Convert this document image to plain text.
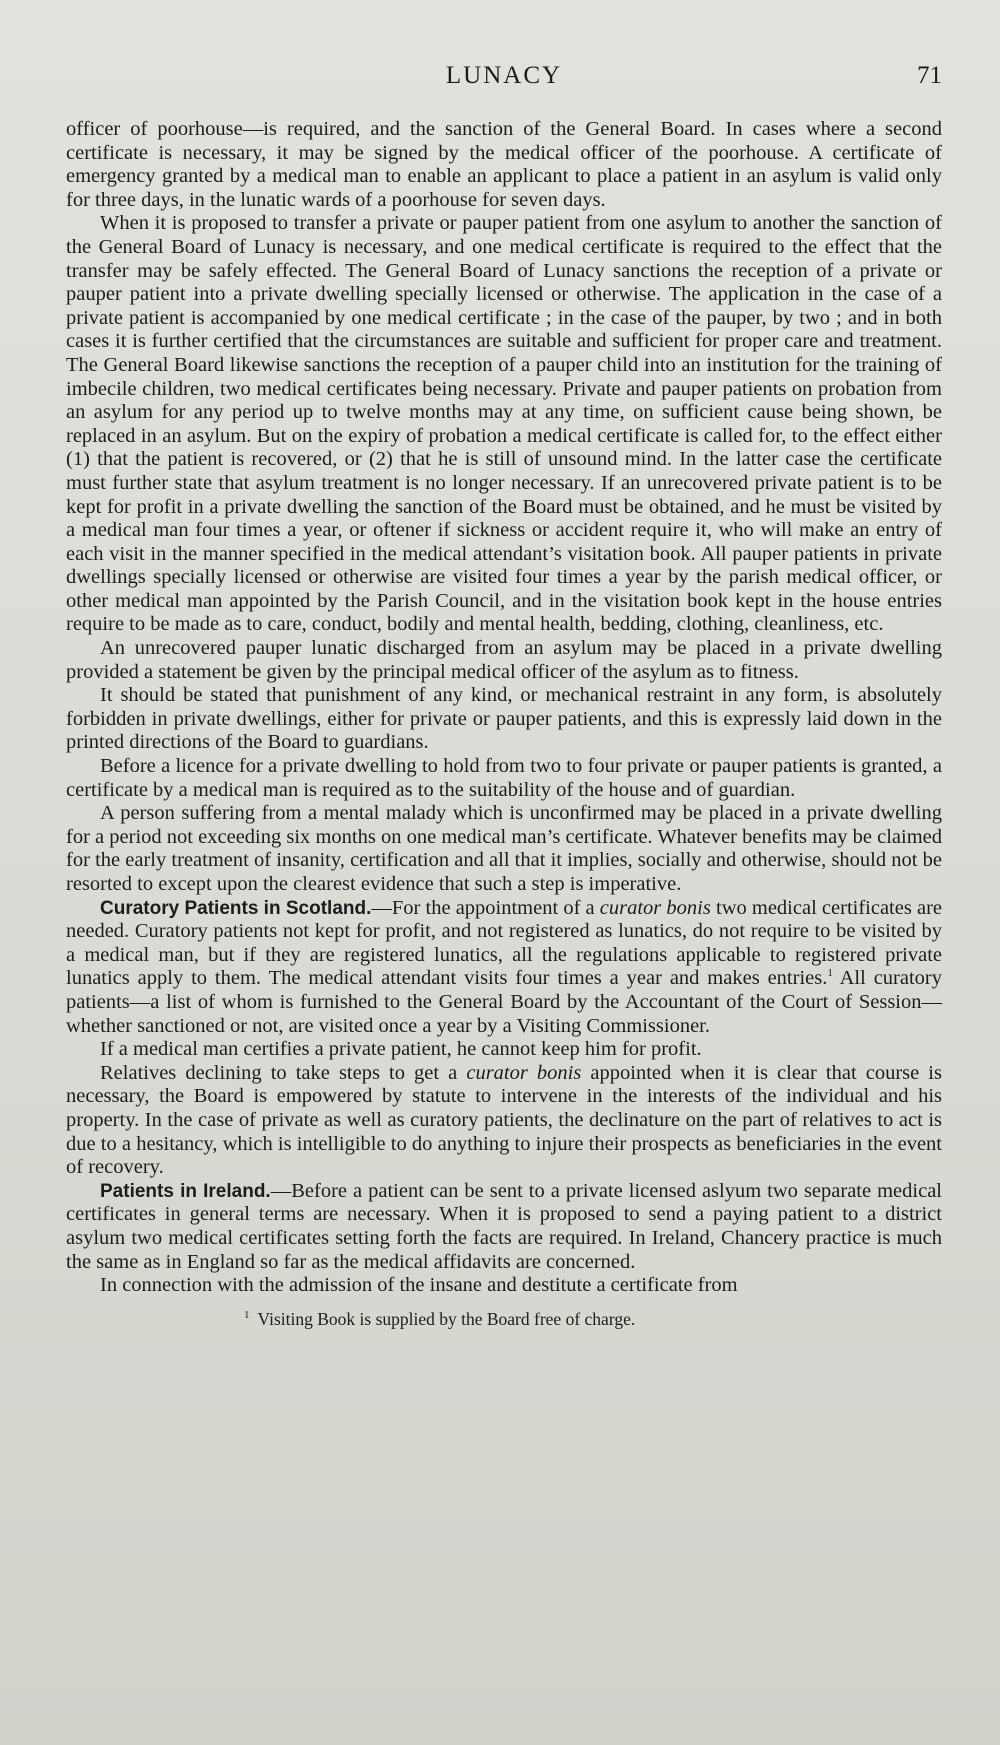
LUNACY	71

officer of poorhouse—is required, and the sanction of the General Board. In cases where a second certificate is necessary, it may be signed by the medical officer of the poorhouse. A certificate of emergency granted by a medical man to enable an applicant to place a patient in an asylum is valid only for three days, in the lunatic wards of a poorhouse for seven days.

When it is proposed to transfer a private or pauper patient from one asylum to another the sanction of the General Board of Lunacy is necessary, and one medical certificate is required to the effect that the transfer may be safely effected. The General Board of Lunacy sanctions the reception of a private or pauper patient into a private dwelling specially licensed or otherwise. The application in the case of a private patient is accompanied by one medical certificate ; in the case of the pauper, by two ; and in both cases it is further certified that the circumstances are suitable and sufficient for proper care and treatment. The General Board likewise sanctions the reception of a pauper child into an institution for the training of imbecile children, two medical certificates being necessary. Private and pauper patients on probation from an asylum for any period up to twelve months may at any time, on sufficient cause being shown, be replaced in an asylum. But on the expiry of probation a medical certificate is called for, to the effect either (1) that the patient is recovered, or (2) that he is still of unsound mind. In the latter case the certificate must further state that asylum treatment is no longer necessary. If an unrecovered private patient is to be kept for profit in a private dwelling the sanction of the Board must be obtained, and he must be visited by a medical man four times a year, or oftener if sickness or accident require it, who will make an entry of each visit in the manner specified in the medical attendant’s visitation book. All pauper patients in private dwellings specially licensed or otherwise are visited four times a year by the parish medical officer, or other medical man appointed by the Parish Council, and in the visitation book kept in the house entries require to be made as to care, conduct, bodily and mental health, bedding, clothing, cleanliness, etc.

An unrecovered pauper lunatic discharged from an asylum may be placed in a private dwelling provided a statement be given by the principal medical officer of the asylum as to fitness.

It should be stated that punishment of any kind, or mechanical restraint in any form, is absolutely forbidden in private dwellings, either for private or pauper patients, and this is expressly laid down in the printed directions of the Board to guardians.

Before a licence for a private dwelling to hold from two to four private or pauper patients is granted, a certificate by a medical man is required as to the suitability of the house and of guardian.

A person suffering from a mental malady which is unconfirmed may be placed in a private dwelling for a period not exceeding six months on one medical man’s certificate. Whatever benefits may be claimed for the early treatment of insanity, certification and all that it implies, socially and otherwise, should not be resorted to except upon the clearest evidence that such a step is imperative.

Curatory Patients in Scotland.—For the appointment of a curator bonis two medical certificates are needed. Curatory patients not kept for profit, and not registered as lunatics, do not require to be visited by a medical man, but if they are registered lunatics, all the regulations applicable to registered private lunatics apply to them. The medical attendant visits four times a year and makes entries.$^1$ All curatory patients—a list of whom is furnished to the General Board by the Accountant of the Court of Session—whether sanctioned or not, are visited once a year by a Visiting Commissioner.

If a medical man certifies a private patient, he cannot keep him for profit.

Relatives declining to take steps to get a curator bonis appointed when it is clear that course is necessary, the Board is empowered by statute to intervene in the interests of the individual and his property. In the case of private as well as curatory patients, the declinature on the part of relatives to act is due to a hesitancy, which is intelligible to do anything to injure their prospects as beneficiaries in the event of recovery.

Patients in Ireland.—Before a patient can be sent to a private licensed aslyum two separate medical certificates in general terms are necessary. When it is proposed to send a paying patient to a district asylum two medical certificates setting forth the facts are required. In Ireland, Chancery practice is much the same as in England so far as the medical affidavits are concerned.

In connection with the admission of the insane and destitute a certificate from

$^1$ Visiting Book is supplied by the Board free of charge.
